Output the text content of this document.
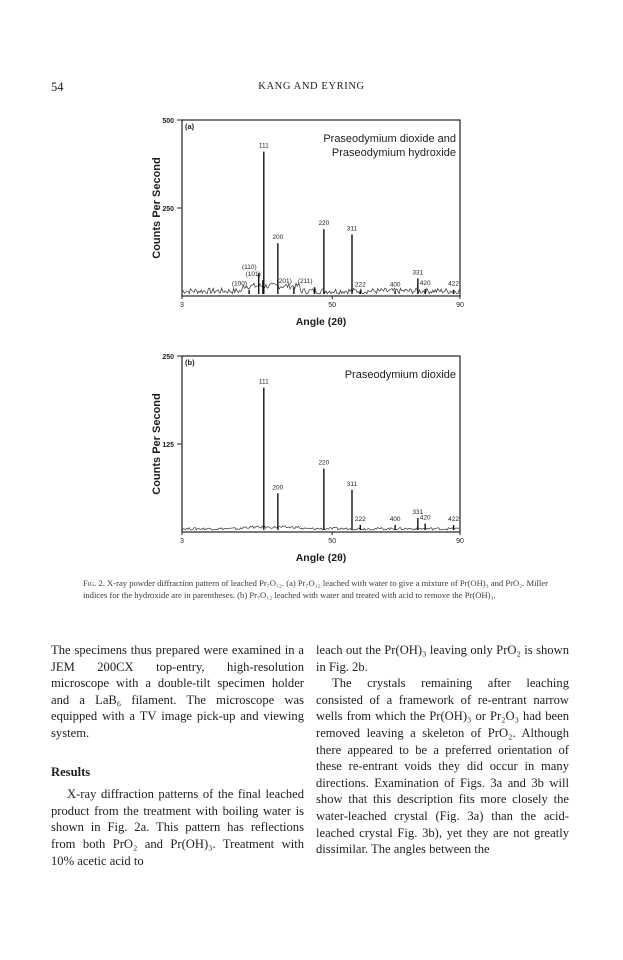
54	KANG AND EYRING
(a)
Praseodymium dioxide and
Praseodymium hydroxide
500
250
Counts Per Second
3	50	90
Angle (2θ)
(100)
(110)
(101)
111
200
(201) (211)
220
311
222	400
331
420	422
(b)
Praseodymium dioxide
250
125
Counts Per Second
3	50	90
Angle (2θ)
111
200
220
311
222	400
331
420	422
Fig. 2. X-ray powder diffraction pattern of leached Pr₇O₁₂. (a) Pr₇O₁₂ leached with water to give a mixture of Pr(OH)₃ and PrO₂. Miller indices for the hydroxide are in parentheses. (b) Pr₇O₁₂ leached with water and treated with acid to remove the Pr(OH)₃.

The specimens thus prepared were examined in a JEM 200CX top-entry, high-resolution microscope with a double-tilt specimen holder and a LaB₆ filament. The microscope was equipped with a TV image pick-up and viewing system.

Results

X-ray diffraction patterns of the final leached product from the treatment with boiling water is shown in Fig. 2a. This pattern has reflections from both PrO₂ and Pr(OH)₃. Treatment with 10% acetic acid to

leach out the Pr(OH)₃ leaving only PrO₂ is shown in Fig. 2b.

The crystals remaining after leaching consisted of a framework of re-entrant narrow wells from which the Pr(OH)₃ or Pr₂O₃ had been removed leaving a skeleton of PrO₂. Although there appeared to be a preferred orientation of these re-entrant voids they did occur in many directions. Examination of Figs. 3a and 3b will show that this description fits more closely the water-leached crystal (Fig. 3a) than the acid-leached crystal Fig. 3b), yet they are not greatly dissimilar. The angles between the
